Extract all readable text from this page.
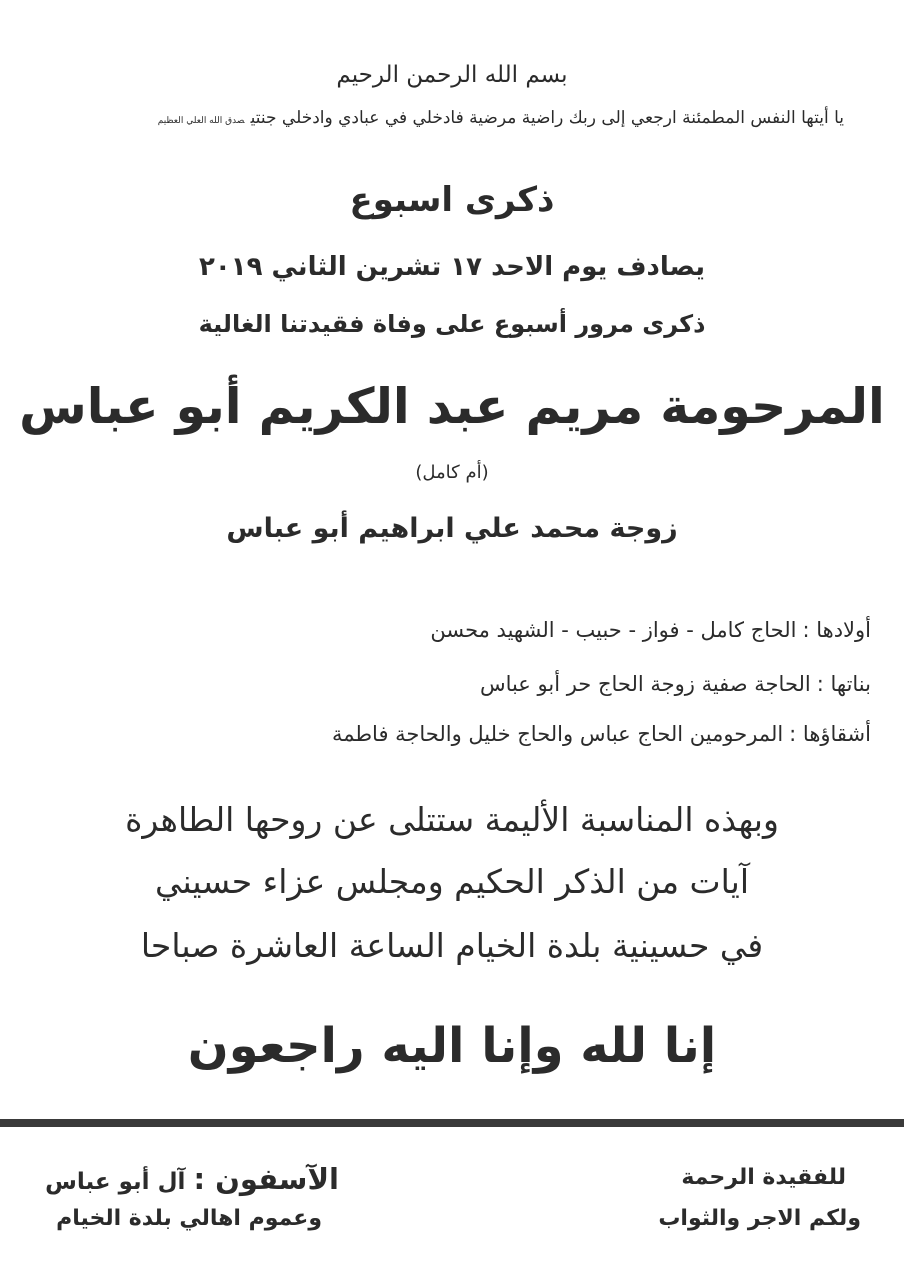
بسم الله الرحمن الرحيم
يا أيتها النفس المطمئنة ارجعي إلى ربك راضية مرضية فادخلي في عبادي وادخلي جنتيصدق الله العلي العظيم
ذكرى اسبوع
يصادف يوم الاحد ١٧ تشرين الثاني ٢٠١٩
ذكرى مرور أسبوع على وفاة فقيدتنا الغالية
المرحومة مريم عبد الكريم أبو عباس
(أم كامل)
زوجة محمد علي ابراهيم أبو عباس
أولادها :الحاج كامل - فواز - حبيب - الشهيد محسن
بناتها :الحاجة صفية زوجة الحاج حر أبو عباس
أشقاؤها :المرحومين الحاج عباس والحاج خليل والحاجة فاطمة
وبهذه المناسبة الأليمة ستتلى عن روحها الطاهرة
آيات من الذكر الحكيم ومجلس عزاء حسيني
في حسينية بلدة الخيام الساعة العاشرة صباحا
إنا لله وإنا اليه راجعون
للفقيدة الرحمة
ولكم الاجر والثواب
الآسفون : آل أبو عباس
وعموم اهالي بلدة الخيام
